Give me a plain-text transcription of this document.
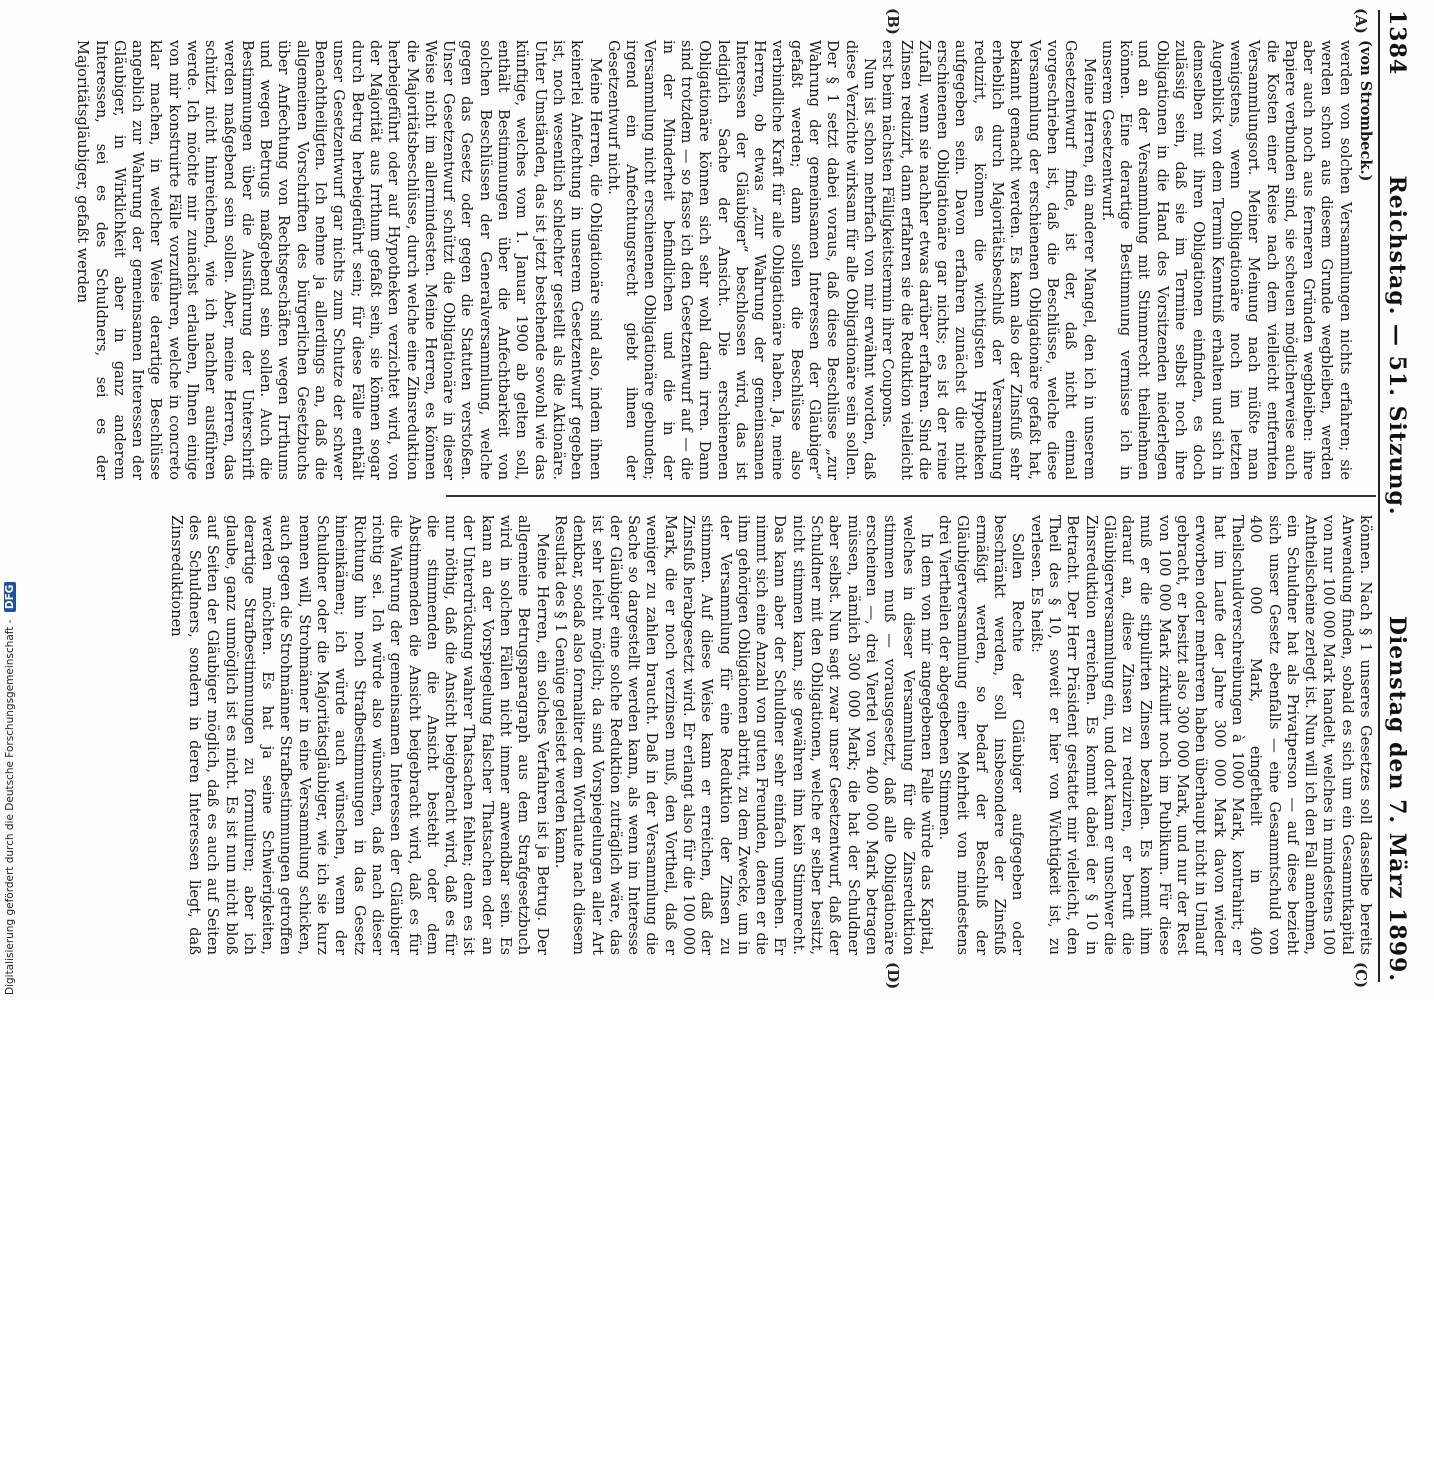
1384
Reichstag. — 51. Sitzung.
Dienstag den 7. März 1899.
(A)
(B)
(C)
(D)
(von Strombeck.)

werden von solchen Versammlungen nichts erfahren; sie werden schon aus diesem Grunde wegbleiben, werden aber auch noch aus ferneren Gründen wegbleiben: ihre Papiere verbunden sind, sie scheuen möglicherweise auch die Kosten einer Reise nach dem vielleicht entfernten Versammlungsort. Meiner Meinung nach müßte man wenigstens, wenn Obligationäre noch im letzten Augenblick von dem Termin Kenntniß erhalten und sich in demselben mit ihren Obligationen einfinden, es doch zulässig sein, daß sie im Termine selbst noch ihre Obligationen in die Hand des Vorsitzenden niederlegen und an der Versammlung mit Stimmrecht theilnehmen können. Eine derartige Bestimmung vermisse ich in unserem Gesetzentwurf.

Meine Herren, ein anderer Mangel, den ich in unserem Gesetzentwurf finde, ist der, daß nicht einmal vorgeschrieben ist, daß die Beschlüsse, welche diese Versammlung der erschienenen Obligationäre gefaßt hat, bekannt gemacht werden. Es kann also der Zinsfuß sehr erheblich durch Majoritätsbeschluß der Versammlung reduzirt, es können die wichtigsten Hypotheken aufgegeben sein. Davon erfahren zunächst die nicht erschienenen Obligationäre gar nichts; es ist der reine Zufall, wenn sie nachher etwas darüber erfahren. Sind die Zinsen reduzirt, dann erfahren sie die Reduktion vielleicht erst beim nächsten Fälligkeitstermin ihrer Coupons.

Nun ist schon mehrfach von mir erwähnt worden, daß diese Verzichte wirksam für alle Obligationäre sein sollen. Der § 1 setzt dabei voraus, daß diese Beschlüsse „zur Wahrung der gemeinsamen Interessen der Gläubiger“ gefaßt werden; dann sollen die Beschlüsse also verbindliche Kraft für alle Obligationäre haben. Ja, meine Herren, ob etwas „zur Wahrung der gemeinsamen Interessen der Gläubiger“ beschlossen wird, das ist lediglich Sache der Ansicht. Die erschienenen Obligationäre können sich sehr wohl darin irren. Dann sind trotzdem — so fasse ich den Gesetzentwurf auf — die in der Minderheit befindlichen und die in der Versammlung nicht erschienenen Obligationäre gebunden; irgend ein Anfechtungsrecht giebt ihnen der Gesetzentwurf nicht.

Meine Herren, die Obligationäre sind also, indem ihnen keinerlei Anfechtung in unserem Gesetzentwurf gegeben ist, noch wesentlich schlechter gestellt als die Aktionäre. Unter Umständen, das ist jetzt bestehende sowohl wie das künftige, welches vom 1. Januar 1900 ab gelten soll, enthält Bestimmungen über die Anfechtbarkeit von solchen Beschlüssen der Generalversammlung, welche gegen das Gesetz oder gegen die Statuten verstoßen. Unser Gesetzentwurf schützt die Obligationäre in dieser Weise nicht im allermindesten. Meine Herren, es können die Majoritätsbeschlüsse, durch welche eine Zinsreduktion herbeigeführt oder auf Hypotheken verzichtet wird, von der Majorität aus Irrthum gefaßt sein, sie können sogar durch Betrug herbeigeführt sein; für diese Fälle enthält unser Gesetzentwurf gar nichts zum Schutze der schwer Benachtheiligten. Ich nehme ja allerdings an, daß die allgemeinen Vorschriften des bürgerlichen Gesetzbuchs über Anfechtung von Rechtsgeschäften wegen Irrthums und wegen Betrugs maßgebend sein sollen. Auch die Bestimmungen über die Ausführung der Unterschrift werden maßgebend sein sollen. Aber, meine Herren, das schützt nicht hinreichend, wie ich nachher ausführen werde. Ich möchte mir zunächst erlauben, Ihnen einige von mir konstruirte Fälle vorzuführen, welche in concreto klar machen, in welcher Weise derartige Beschlüsse angeblich zur Wahrung der gemeinsamen Interessen der Gläubiger, in Wirklichkeit aber in ganz anderem Interessen, sei es des Schuldners, sei es der Majoritätsgläubiger, gefaßt werden

können. Nach § 1 unseres Gesetzes soll dasselbe bereits Anwendung finden, sobald es sich um ein Gesammtkapital von nur 100 000 Mark handelt, welches in mindestens 100 Antheilscheine zerlegt ist. Nun will ich den Fall annehmen, ein Schuldner hat als Privatperson — auf diese bezieht sich unser Gesetz ebenfalls — eine Gesammtschuld von 400 000 Mark, eingetheilt in 400 Theilschuldverschreibungen à 1000 Mark, kontrahirt; er hat im Laufe der Jahre 300 000 Mark davon wieder erworben oder mehreren haben überhaupt nicht in Umlauf gebracht, er besitzt also 300 000 Mark, und nur der Rest von 100 000 Mark zirkulirt noch im Publikum. Für diese muß er die stipulirten Zinsen bezahlen. Es kommt ihm darauf an, diese Zinsen zu reduziren, er beruft die Gläubigerversammlung ein, und dort kann er unschwer die Zinsreduktion erreichen. Es kommt dabei der § 10 in Betracht. Der Herr Präsident gestattet mir vielleicht, den Theil des § 10, soweit er hier von Wichtigkeit ist, zu verlesen. Es heißt:

Sollen Rechte der Gläubiger aufgegeben oder beschränkt werden, soll insbesondere der Zinsfuß ermäßigt werden, so bedarf der Beschluß der Gläubigerversammlung einer Mehrheit von mindestens drei Viertheilen der abgegebenen Stimmen.

In dem von mir angegebenen Falle würde das Kapital, welches in dieser Versammlung für die Zinsreduktion stimmen muß — vorausgesetzt, daß alle Obligationäre erscheinen —, drei Viertel von 400 000 Mark betragen müssen, nämlich 300 000 Mark; die hat der Schuldner aber selbst. Nun sagt zwar unser Gesetzentwurf, daß der Schuldner mit den Obligationen, welche er selber besitzt, nicht stimmen kann, sie gewähren ihm kein Stimmrecht. Das kann aber der Schuldner sehr einfach umgehen. Er nimmt sich eine Anzahl von guten Freunden, denen er die ihm gehörigen Obligationen abtritt, zu dem Zwecke, um in der Versammlung für eine Reduktion der Zinsen zu stimmen. Auf diese Weise kann er erreichen, daß der Zinsfuß herabgesetzt wird. Er erlangt also für die 100 000 Mark, die er noch verzinsen muß, den Vortheil, daß er weniger zu zahlen braucht. Daß in der Versammlung die Sache so dargestellt werden kann, als wenn im Interesse der Gläubiger eine solche Reduktion zuträglich wäre, das ist sehr leicht möglich; da sind Vorspiegelungen aller Art denkbar, sodaß also formaliter dem Wortlaute nach diesem Resultat des § 1 Genüge geleistet werden kann.

Meine Herren, ein solches Verfahren ist ja Betrug. Der allgemeine Betrugsparagraph aus dem Strafgesetzbuch wird in solchen Fällen nicht immer anwendbar sein. Es kann an der Vorspiegelung falscher Thatsachen oder an der Unterdrückung wahrer Thatsachen fehlen; denn es ist nur nöthig, daß die Ansicht beigebracht wird, daß es für die stimmenden die Ansicht besteht oder dem Abstimmenden die Ansicht beigebracht wird, daß es für die Wahrung der gemeinsamen Interessen der Gläubiger richtig sei. Ich würde also wünschen, daß nach dieser Richtung hin noch Strafbestimmungen in das Gesetz hineinkämen; ich würde auch wünschen, wenn der Schuldner oder die Majoritätsgläubiger, wie ich sie kurz nennen will, Strohmänner in eine Versammlung schicken, auch gegen die Strohmänner Strafbestimmungen getroffen werden möchten. Es hat ja seine Schwierigkeiten, derartige Strafbestimmungen zu formuliren; aber ich glaube, ganz unmöglich ist es nicht. Es ist nun nicht bloß auf Seiten der Gläubiger möglich, daß es auch auf Seiten des Schuldners, sondern in deren Interessen liegt, daß Zinsreduktionen

Digitalisierung gefördert durch die Deutsche Forschungsgemeinschaft - DFG
